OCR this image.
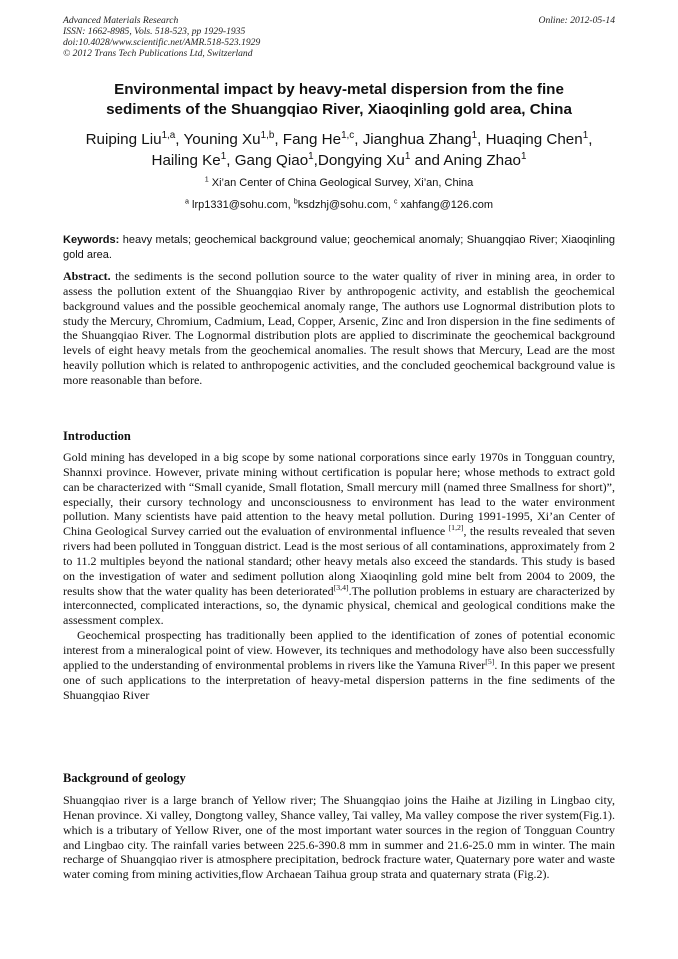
Advanced Materials Research
ISSN: 1662-8985, Vols. 518-523, pp 1929-1935
doi:10.4028/www.scientific.net/AMR.518-523.1929
© 2012 Trans Tech Publications Ltd, Switzerland
Online: 2012-05-14
Environmental impact by heavy-metal dispersion from the fine
sediments of the Shuangqiao River, Xiaoqinling gold area, China
Ruiping Liu$^{1,a}$, Youning Xu$^{1,b}$, Fang He$^{1,c}$, Jianghua Zhang$^1$, Huaqing Chen$^1$,
Hailing Ke$^1$, Gang Qiao$^1$,Dongying Xu$^1$ and Aning Zhao$^1$
$^1$ Xi’an Center of China Geological Survey, Xi’an, China
$^a$ lrp1331@sohu.com, $^b$ksdzhj@sohu.com, $^c$ xahfang@126.com
Keywords: heavy metals; geochemical background value; geochemical anomaly; Shuangqiao River; Xiaoqinling gold area.
Abstract. the sediments is the second pollution source to the water quality of river in mining area, in order to assess the pollution extent of the Shuangqiao River by anthropogenic activity, and establish the geochemical background values and the possible geochemical anomaly range, The authors use Lognormal distribution plots to study the Mercury, Chromium, Cadmium, Lead, Copper, Arsenic, Zinc and Iron dispersion in the fine sediments of the Shuangqiao River. The Lognormal distribution plots are applied to discriminate the geochemical background levels of eight heavy metals from the geochemical anomalies. The result shows that Mercury, Lead are the most heavily pollution which is related to anthropogenic activities, and the concluded geochemical background value is more reasonable than before.
Introduction

Gold mining has developed in a big scope by some national corporations since early 1970s in Tongguan country, Shannxi province. However, private mining without certification is popular here; whose methods to extract gold can be characterized with “Small cyanide, Small flotation, Small mercury mill (named three Smallness for short)”, especially, their cursory technology and unconsciousness to environment has lead to the water environment pollution. Many scientists have paid attention to the heavy metal pollution. During 1991-1995, Xi’an Center of China Geological Survey carried out the evaluation of environmental influence [1,2], the results revealed that seven rivers had been polluted in Tongguan district. Lead is the most serious of all contaminations, approximately from 2 to 11.2 multiples beyond the national standard; other heavy metals also exceed the standards. This study is based on the investigation of water and sediment pollution along Xiaoqinling gold mine belt from 2004 to 2009, the results show that the water quality has been deteriorated[3,4].The pollution problems in estuary are characterized by interconnected, complicated interactions, so, the dynamic physical, chemical and geological conditions make the assessment complex.

Geochemical prospecting has traditionally been applied to the identification of zones of potential economic interest from a mineralogical point of view. However, its techniques and methodology have also been successfully applied to the understanding of environmental problems in rivers like the Yamuna River[5]. In this paper we present one of such applications to the interpretation of heavy-metal dispersion patterns in the fine sediments of the Shuangqiao River

Background of geology
Shuangqiao river is a large branch of Yellow river; The Shuangqiao joins the Haihe at Jiziling in Lingbao city, Henan province. Xi valley, Dongtong valley, Shance valley, Tai valley, Ma valley compose the river system(Fig.1). which is a tributary of Yellow River, one of the most important water sources in the region of Tongguan Country and Lingbao city. The rainfall varies between 225.6-390.8 mm in summer and 21.6-25.0 mm in winter. The main recharge of Shuangqiao river is atmosphere precipitation, bedrock fracture water, Quaternary pore water and waste water coming from mining activities,flow Archaean Taihua group strata and quaternary strata (Fig.2).
